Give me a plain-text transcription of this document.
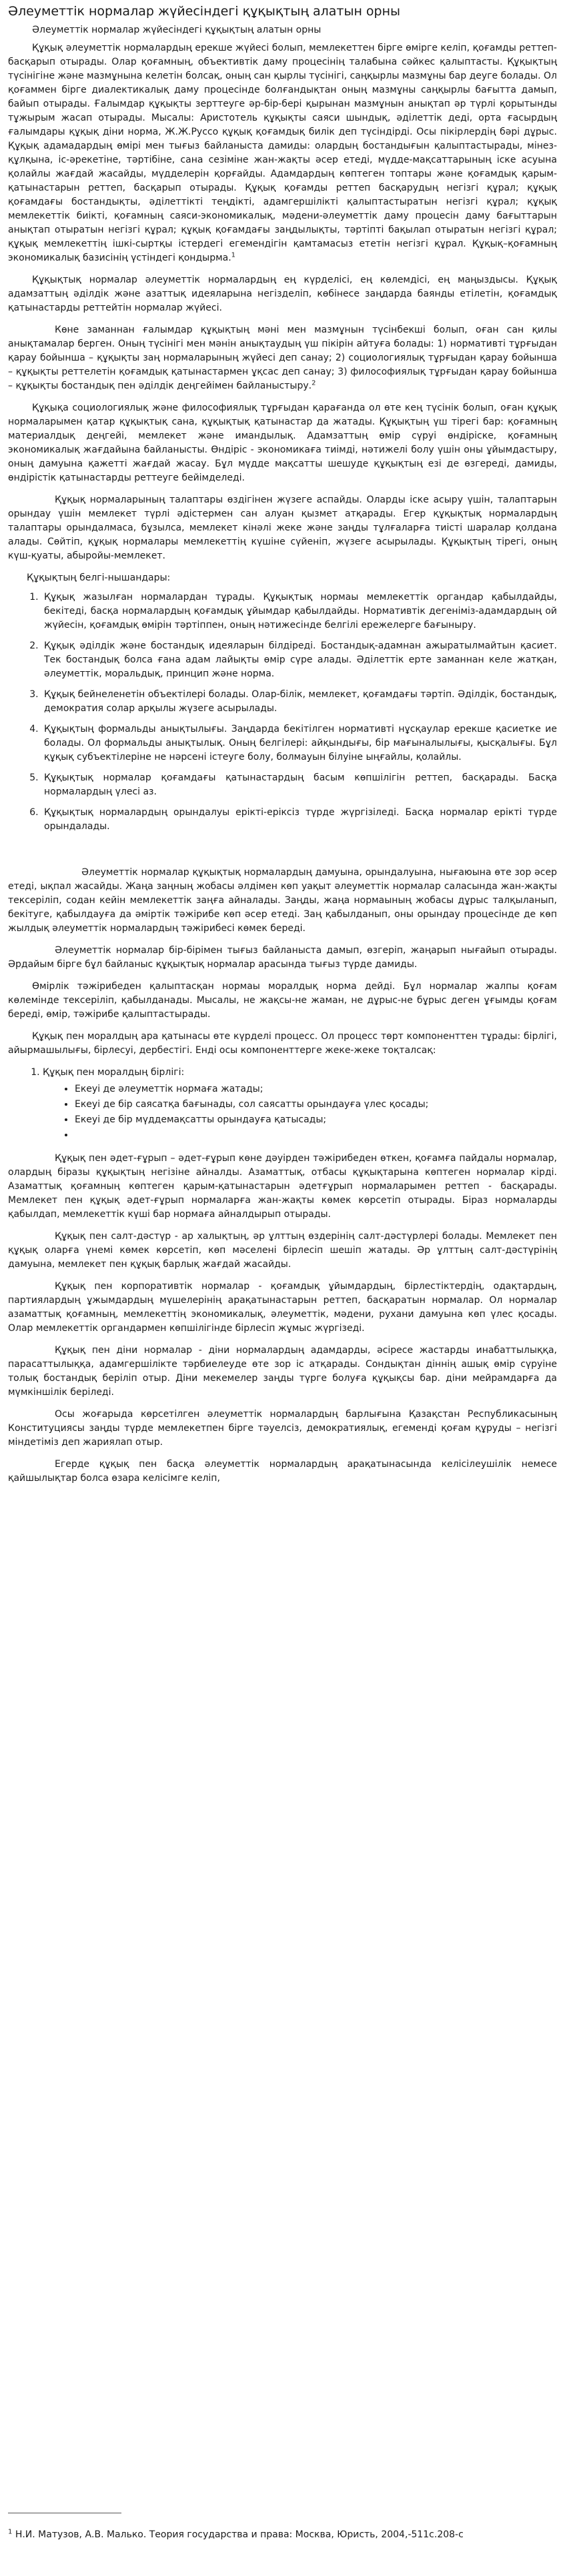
Әлеуметтік нормалар жүйесіндегі құқықтың алатын орны
Әлеуметтік нормалар жүйесіндегі құқықтың алатын орны

Құқық әлеуметтік нормалардың ерекше жүйесі болып, мемлекеттен бірге өмірге келіп, қоғамды реттеп-басқарып отырады. Олар қоғамның, объективтік даму процесінің талабына сәйкес қалыптасты. Құқықтың түсінігіне және мазмұнына келетін болсақ, оның сан қырлы түсінігі, саңқырлы мазмұны бар деуге болады. Ол қоғаммен бірге диалектикалық даму процесінде болғандықтан оның мазмұны саңқырлы бағытта дамып, байып отырады. Ғалымдар құқықты зерттеуге әр-бір-бері қырынан мазмұнын анықтап әр түрлі қорытынды тұжырым жасап отырады. Мысалы: Аристотель құқықты саяси шындық, әділеттік деді, орта ғасырдың ғалымдары құқық діни норма, Ж.Ж.Руссо құқық қоғамдық билік деп түсіндірді. Осы пікірлердің бәрі дұрыс. Құқық адамадардың өмірі мен тығыз байланыста дамиды: олардың бостандығын қалыптастырады, мінез-құлқына, іс-әрекетіне, тәртібіне, сана сезіміне жан-жақты әсер етеді, мүдде-мақсаттарының іске асуына қолайлы жағдай жасайды, мүдделерін қорғайды. Адамдардың көптеген топтары және қоғамдық қарым-қатынастарын реттеп, басқарып отырады. Құқық қоғамды реттеп басқарудың негізгі құрал; құқық қоғамдағы бостандықты, әділеттікті теңдікті, адамгершілікті қалыптастыратын негізгі құрал; құқық мемлекеттік биікті, қоғамның саяси-экономикалық, мәдени-әлеуметтік даму процесін даму бағыттарын анықтап отыратын негізгі құрал; құқық қоғамдағы заңдылықты, тәртіпті бақылап отыратын негізгі құрал; құқық мемлекеттің ішкі-сыртқы істердегі егемендігін қамтамасыз ететін негізгі құрал. Құқық–қоғамның экономикалық базисінің үстіндегі қондырма.$^1$

Құқықтық нормалар әлеуметтік нормалардың ең күрделісі, ең көлемдісі, ең маңыздысы. Құқық адамзаттың әділдік және азаттық идеяларына негізделіп, көбінесе заңдарда баянды етілетін, қоғамдық қатынастарды реттейтін нормалар жүйесі.

Көне заманнан ғалымдар құқықтың мәні мен мазмұнын түсінбекші болып, оған сан қилы анықтамалар берген. Оның түсінігі мен мәнін анықтаудың үш пікірін айтуға болады: 1) нормативті тұрғыдан қарау бойынша – құқықты заң нормаларының жүйесі деп санау; 2) социологиялық тұрғыдан қарау бойынша – құқықты реттелетін қоғамдық қатынастармен ұқсас деп санау; 3) философиялық тұрғыдан қарау бойынша – құқықты бостандық пен әділдік деңгейімен байланыстыру.$^2$

Құқықа социологиялық және философиялық тұрғыдан қарағанда ол өте кең түсінік болып, оған құқық нормаларымен қатар құқықтық сана, құқықтық қатынастар да жатады. Құқықтың үш тірегі бар: қоғамның материалдық деңгейі, мемлекет және имандылық. Адамзаттың өмір сүруі өндіріске, қоғамның экономикалық жағдайына байланысты. Өндіріс - экономикаға тиімді, нәтижелі болу үшін оны ұйымдастыру, оның дамуына қажетті жағдай жасау. Бұл мүдде мақсатты шешуде құқықтың езі де өзгереді, дамиды, өндірістік қатынастарды реттеуге бейімделеді.

Құқық нормаларының талаптары өздігінен жүзеге аспайды. Оларды іске асыру үшін, талаптарын орындау үшін мемлекет түрлі әдістермен сан алуан қызмет атқарады. Егер құқықтық нормалардың талаптары орындалмаса, бұзылса, мемлекет кінәлі жеке және заңды тұлғаларға тиісті шаралар қолдана алады. Сөйтіп, құқық нормалары мемлекеттің күшіне сүйеніп, жүзеге асырылады. Құқықтың тірегі, оның күш-қуаты, абыройы-мемлекет.

Құқықтың белгі-нышандары:
1. Құқық жазылған нормалардан тұрады. Құқықтық нормаы мемлекеттік органдар қабылдайды, бекітеді, басқа нормалардың қоғамдық ұйымдар қабылдайды. Нормативтік дегеніміз-адамдардың ой жүйесін, қоғамдық өмірін тәртіппен, оның нәтижесінде белгілі ережелерге бағыныру.
2. Құқық әділдік және бостандық идеяларын білдіреді. Бостандық-адамнан ажыратылмайтын қасиет. Тек бостандық болса ғана адам лайықты өмір сүре алады. Әділеттік ерте заманнан келе жатқан, әлеуметтік, моральдық, принцип және норма.
3. Құқық бейнеленетін объектілері болады. Олар-білік, мемлекет, қоғамдағы тәртіп. Әділдік, бостандық, демократия солар арқылы жүзеге асырылады.
4. Құқықтың формальды анықтылығы. Заңдарда бекітілген нормативті нұсқаулар ерекше қасиетке ие болады. Ол формальды анықтылық. Оның белгілері: айқындығы, бір мағыналылығы, қысқалығы. Бұл құқық субъектілеріне не нәрсені істеуге болу, болмауын білуіне ыңғайлы, қолайлы.
5. Құқықтық нормалар қоғамдағы қатынастардың басым көпшілігін реттеп, басқарады. Басқа нормалардың үлесі аз.
6. Құқықтық нормалардың орындалуы ерікті-еріксіз түрде жүргізіледі. Басқа нормалар ерікті түрде орындалады.

Әлеуметтік нормалар құқықтық нормалардың дамуына, орындалуына, нығаюына өте зор әсер етеді, ықпал жасайды. Жаңа заңның жобасы әлдімен көп уақыт әлеуметтік нормалар саласында жан-жақты тексеріліп, содан кейін мемлекеттік заңға айналады. Заңды, жаңа нормаының жобасы дұрыс талқыланып, бекітуге, қабылдауға да әміртік тәжірибе көп әсер етеді. Заң қабылданып, оны орындау процесінде де көп жылдық әлеуметтік нормалардың тәжірибесі көмек береді.

Әлеуметтік нормалар бір-бірімен тығыз байланыста дамып, өзгеріп, жаңарып нығайып отырады. Әрдайым бірге бұл байланыс құқықтық нормалар арасында тығыз түрде дамиды.

Өмірлік тәжірибеден қалыптасқан нормаы моралдық норма дейді. Бұл нормалар жалпы қоғам көлемінде тексеріліп, қабылданады. Мысалы, не жақсы-не жаман, не дұрыс-не бұрыс деген ұғымды қоғам береді, өмір, тәжірибе қалыптастырады.

Құқық пен моралдың ара қатынасы өте күрделі процесс. Ол процесс төрт компоненттен тұрады: бірлігі, айырмашылығы, бірлесуі, дербестігі. Енді осы компоненттерге жеке-жеке тоқталсақ:

1. Құқық пен моралдың бірлігі:
• Екеуі де әлеуметтік нормаға жатады;
• Екеуі де бір саясатқа бағынады, сол саясатты орындауға үлес қосады;
• Екеуі де бір мүддемақсатты орындауға қатысады;
•

Құқық пен әдет-ғұрып – әдет-ғұрып көне дәуірден тәжірибеден өткен, қоғамға пайдалы нормалар, олардың біразы құқықтың негізіне айналды. Азаматтық, отбасы құқықтарына көптеген нормалар кірді. Азаматтық қоғамның көптеген қарым-қатынастарын әдетғұрып нормаларымен реттеп - басқарады. Мемлекет пен құқық әдет-ғұрып нормаларға жан-жақты көмек көрсетіп отырады. Біраз нормаларды қабылдап, мемлекеттік күші бар нормаға айналдырып отырады.

Құқық пен салт-дәстүр - ар халықтың, әр ұлттың өздерінің салт-дәстүрлері болады. Мемлекет пен құқық оларға үнемі көмек көрсетіп, көп мәселені бірлесіп шешіп жатады. Әр ұлттың салт-дәстүрінің дамуына, мемлекет пен құқық барлық жағдай жасайды.

Құқық пен корпоративтік нормалар - қоғамдық ұйымдардың, бірлестіктердің, одақтардың, партиялардың ұжымдардың мүшелерінің арақатынастарын реттеп, басқаратын нормалар. Ол нормалар азаматтық қоғамның, мемлекеттің экономикалық, әлеуметтік, мәдени, рухани дамуына көп үлес қосады. Олар мемлекеттік органдармен көпшілігінде бірлесіп жұмыс жүргізеді.

Құқық пен діни нормалар - діни нормалардың адамдарды, әсіресе жастарды инабаттылыққа, парасаттылыққа, адамгершілікте тәрбиелеуде өте зор іс атқарады. Сондықтан діннің ашық өмір сүруіне толық бостандық беріліп отыр. Діни мекемелер заңды түрге болуға құқықсы бар. діни мейрамдарға да мүмкіншілік беріледі.

Осы жоғарыда көрсетілген әлеуметтік нормалардың барлығына Қазақстан Республикасының Конституциясы заңды түрде мемлекетпен бірге тәуелсіз, демократиялық, егемендi қоғам құруды – негізгі міндетімiз деп жариялап отыр.

Егерде құқық пен басқа әлеуметтік нормалардың арақатынасында келісілеушілік немесе қайшылықтар болса өзара келісімге келіп,

$^1$ Н.И. Матузов, А.В. Малько. Теория государства и права: Москва, Юристь, 2004,-511с.208-с
